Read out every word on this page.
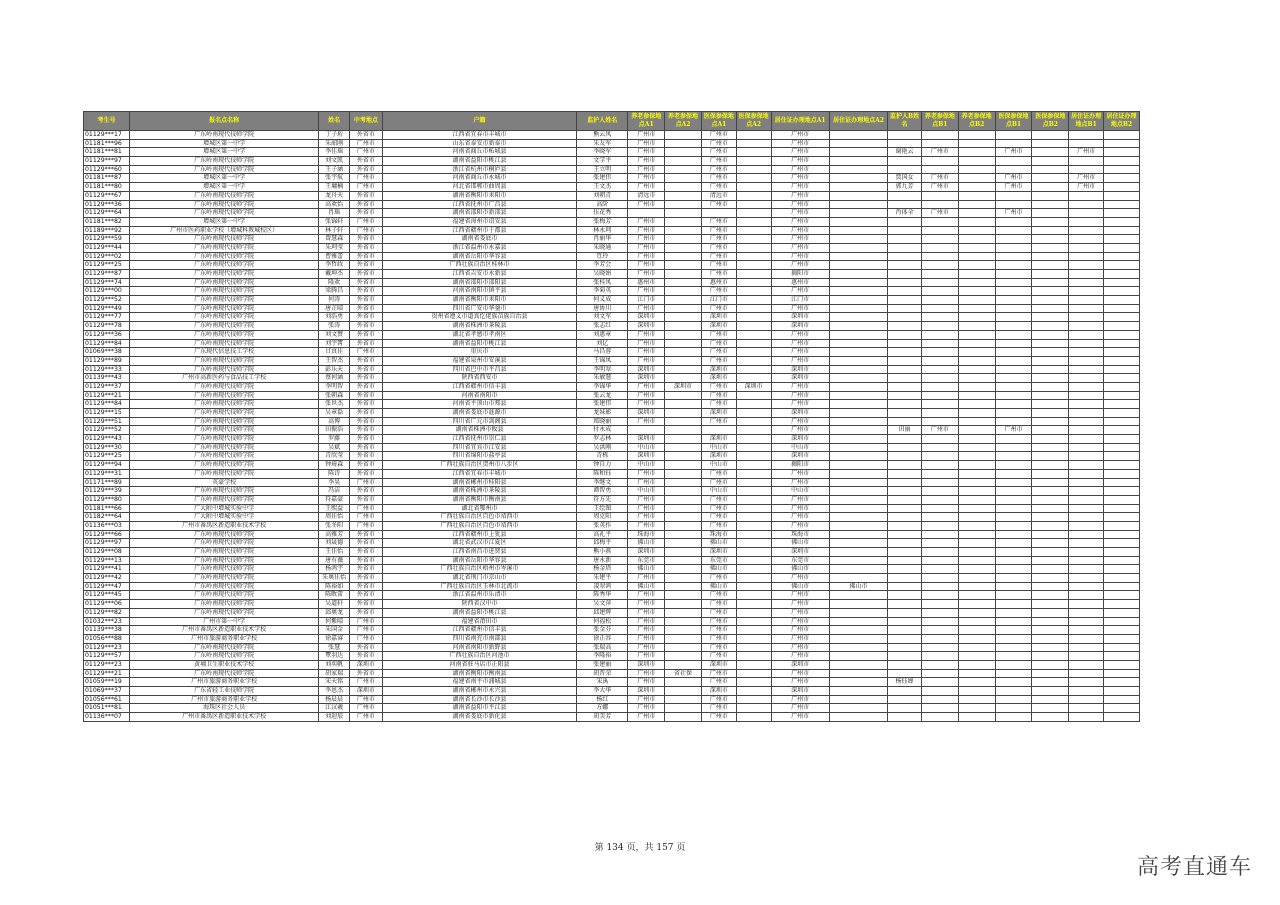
考生号	报名点名称	姓名	中考地点	户籍	监护人姓名	养老参保地点A1	养老参保地点A2	医保参保地点A1	医保参保地点A2	居住证办理地点A1	居住证办理地点A2	监护人B姓名	养老参保地点B1	养老参保地点B2	医保参保地点B1	医保参保地点B2	居住证办理地点B1	居住证办理地点B2
01129***17	广东岭南现代技师学院	丁子珩	外省市	江西省宜春市丰城市	熊云凤	广州市		广州市		广州市								
01181***96	增城区第一中学	朱韶刚	广州市	山东省泰安市新泰市	朱友军	广州市		广州市		广州市								
01181***81	增城区第一中学	李佳瑶	广州市	河南省商丘市柘城县	李晓军	广州市		广州市		广州市		谢艳云	广州市		广州市		广州市	
01129***97	广东岭南现代技师学院	刘文凯	外省市	湖南省益阳市桃江县	文学平	广州市		广州市		广州市								
01129***60	广东岭南现代技师学院	王子涵	外省市	浙江省杭州市桐庐县	王立明	广州市		广州市		广州市								
01181***87	增城区第一中学	张宇航	广州市	河南省商丘市永城市	张建伟	广州市		广州市		广州市		贾国女	广州市		广州市		广州市	
01181***80	增城区第一中学	王墉楠	广州市	河北省邯郸市曲周县	王文杰	广州市		广州市		广州市		郭九芳	广州市		广州市		广州市	
01129***67	广东岭南现代技师学院	龙舟天	外省市	湖南省衡阳市耒阳市	刘朝青	清远市		清远市		广州市								
01129***36	广东岭南现代技师学院	高欢怡	外省市	江西省抚州市广昌县	高阶	广州市		广州市		广州市								
01129***64	广东岭南现代技师学院	肖瑶	外省市	湖南省邵阳市新邵县	伍花秀					广州市		肖体全	广州市		广州市			
01181***82	增城区第一中学	张锦轩	广州市	福建省漳州市诏安县	张梅芳	广州市		广州市		广州市								
01189***92	广州市医药职业学校（增城科教城校区）	林子轩	广州市	江西省赣州市于都县	林永珂	广州市		广州市		广州市								
01129***59	广东岭南现代技师学院	曾慧森	外省市	湖南省娄底市	肖丽华	广州市		广州市		广州市								
01129***44	广东岭南现代技师学院	朱珂莹	外省市	浙江省温州市永嘉县	朱晓通	广州市		广州市		广州市								
01129***02	广东岭南现代技师学院	曹雅蕾	外省市	湖南省岳阳市华容县	笪玲	广州市		广州市		广州市								
01129***25	广东岭南现代技师学院	李哲政	外省市	广西壮族自治区桂林市	李芳会	广州市		广州市		广州市								
01129***87	广东岭南现代技师学院	戴坤杰	外省市	江西省吉安市永新县	吴晓娟	广州市		广州市		揭阳市								
01129***74	广东岭南现代技师学院	隆欢	外省市	湖南省邵阳市邵阳县	张桂凤	惠州市		惠州市		惠州市								
01129***00	广东岭南现代技师学院	梁腾昌	外省市	河南省南阳市镇平县	李菊英	广州市		广州市		广州市								
01129***52	广东岭南现代技师学院	何涛	外省市	湖南省衡阳市耒阳市	何义成	江门市		江门市		江门市								
01129***49	广东岭南现代技师学院	唐芷晴	外省市	四川省广安市华蓥市	唐协川	广州市		广州市		广州市								
01129***77	广东岭南现代技师学院	刘浩勇	外省市	贵州省遵义市道真仡佬族苗族自治县	刘文军	深圳市		深圳市		深圳市								
01129***78	广东岭南现代技师学院	张涛	外省市	湖南省株洲市茶陵县	张志红	深圳市		深圳市		深圳市								
01129***36	广东岭南现代技师学院	刘文赞	外省市	湖北省孝感市孝南区	刘惠章	广州市		广州市		广州市								
01129***84	广东岭南现代技师学院	刘宇霄	外省市	湖南省益阳市桃江县	刘亿	广州市		广州市		广州市								
01069***38	广东现代信息技工学校	甘真佳	广州市	重庆市	马昌蓉	广州市		广州市		广州市								
01129***89	广东岭南现代技师学院	王智杰	外省市	福建省泉州市安溪县	王锦凤	广州市		广州市		广州市								
01129***33	广东岭南现代技师学院	彭乐天	外省市	四川省巴中市平昌县	李明翠	深圳市		深圳市		深圳市								
01139***43	广州市高新医药与食品技工学校	蔡何涵	外省市	陕西省西安市	朱敏慧	深圳市		深圳市		深圳市								
01129***37	广东岭南现代技师学院	李明智	外省市	江西省赣州市信丰县	李锦华	广州市	深圳市	广州市	深圳市	广州市								
01129***21	广东岭南现代技师学院	张朝森	外省市	河南省南阳市	张云龙	广州市		广州市		广州市								
01129***84	广东岭南现代技师学院	张世杰	外省市	河南省平顶山市郏县	张建伟	广州市		广州市		广州市								
01129***15	广东岭南现代技师学院	吴章磊	外省市	湖南省娄底市涟源市	龙妹影	深圳市		深圳市		深圳市								
01129***51	广东岭南现代技师学院	高博	外省市	四川省广元市剑阁县	郑晓丽	广州市		广州市		广州市								
01129***52	广东岭南现代技师学院	田振浩	外省市	湖南省株洲市攸县	付永成					广州市		田丽	广州市		广州市			
01129***43	广东岭南现代技师学院	罗藤	外省市	江西省抚州市崇仁县	罗志林	深圳市		深圳市		深圳市								
01129***30	广东岭南现代技师学院	吴斌	外省市	四川省宜宾市江安县	吴洪刚	中山市		中山市		中山市								
01129***25	广东岭南现代技师学院	青欣莹	外省市	四川省绵阳市盐亭县	青栋	深圳市		深圳市		深圳市								
01129***94	广东岭南现代技师学院	钟琦森	外省市	广西壮族自治区贺州市八步区	钟自力	中山市		中山市		揭阳市								
01129***31	广东岭南现代技师学院	陈诗	外省市	江西省宜春市丰城市	陈和钰	广州市		广州市		广州市								
01171***89	英豪学校	李昊	广州市	湖南省郴州市桂阳县	李继文	广州市		广州市		广州市								
01129***39	广东岭南现代技师学院	冯洁	外省市	湖南省株洲市茶陵县	谭智勇	中山市		中山市		中山市								
01129***80	广东岭南现代技师学院	符嘉豪	外省市	湖南省衡阳市衡南县	符方先	广州市		广州市		广州市								
01181***66	广大附中增城实验中学	王熙益	广州市	湖北省鄂州市	王绘图	广州市		广州市		广州市								
01182***64	广大附中增城实验中学	周佳怡	广州市	广西壮族自治区百色市靖西市	周克阳	广州市		广州市		广州市								
01136***03	广州市番禺区新造职业技术学校	张冬阳	广州市	广西壮族自治区百色市靖西市	张英作	广州市		广州市		广州市								
01129***66	广东岭南现代技师学院	高雅芳	外省市	江西省赣州市上犹县	高礼平	珠海市		珠海市		珠海市								
01129***97	广东岭南现代技师学院	刘晟德	外省市	湖北省武汉市江夏区	邱梅平	佛山市		佛山市		佛山市								
01129***08	广东岭南现代技师学院	王佳怡	外省市	江西省南昌市进贤县	熊小燕	深圳市		深圳市		深圳市								
01129***13	广东岭南现代技师学院	唐有薇	外省市	湖南省岳阳市华容县	唐永新	东莞市		东莞市		东莞市								
01129***41	广东岭南现代技师学院	杨鸿宇	外省市	广西壮族自治区梧州市岑溪市	杨金塔	佛山市		佛山市		佛山市								
01129***42	广东岭南现代技师学院	朱奥佳怡	外省市	湖北省荆门市京山市	朱建平	广州市		广州市		广州市								
01129***47	广东岭南现代技师学院	陈裕如	外省市	广西壮族自治区玉林市北流市	凌翠鸿	佛山市		佛山市		佛山市	佛山市							
01129***45	广东岭南现代技师学院	陈畋雷	外省市	浙江省温州市乐清市	陈秀华	广州市		广州市		广州市								
01129***06	广东岭南现代技师学院	吴道轩	外省市	陕西省汉中市	吴文萍	广州市		广州市		广州市								
01129***82	广东岭南现代技师学院	邱奥龙	外省市	湖南省益阳市桃江县	邱建辉	广州市		广州市		广州市								
01032***23	广州市第一中学	何紫晴	广州市	福建省莆田市	何福松	广州市		广州市		广州市								
01139***38	广州市番禺区新造职业技术学校	朱国金	广州市	江西省赣州市信丰县	张金芬	广州市		广州市		广州市								
01056***88	广州市旅游商务职业学校	徐嘉睿	广州市	四川省南充市南部县	徐正容	广州市		广州市		广州市								
01129***23	广东岭南现代技师学院	张慧	外省市	河南省南阳市新野县	张瑞高	广州市		广州市		广州市								
01129***57	广东岭南现代技师学院	覃羽达	外省市	广西壮族自治区河池市	李隆裕	广州市		广州市		广州市								
01129***23	黄埔卫生职业技术学校	刘奕帆	深圳市	河南省驻马店市正阳县	张建丽	深圳市		深圳市		深圳市								
01129***21	广东岭南现代技师学院	胡家瑞	外省市	湖南省衡阳市衡南县	胡晋荣	广州市	省社保	广州市		广州市								
01059***19	广州市旅游商务职业学校	宋天铭	广州市	福建省南平市浦城县	宋禹	广州市		广州市		广州市		杨钰婵						
01069***37	广东省轻工业技师学院	李恩杰	深圳市	湖南省郴州市永兴县	李大华	深圳市		深圳市		深圳市								
01056***61	广州市旅游商务职业学校	杨晨晨	广州市	湖南省长沙市长沙县	杨红	广州市		广州市		广州市								
01051***81	海珠区社会人员	江汉羲	广州市	湖南省益阳市平江县	方娜	广州市		广州市		广州市								
01136***07	广州市番禺区新造职业技术学校	刘迎辰	广州市	湖南省娄底市新化县	胡美芳	广州市		广州市		广州市								
第 134 页，共 157 页
高考直通车
